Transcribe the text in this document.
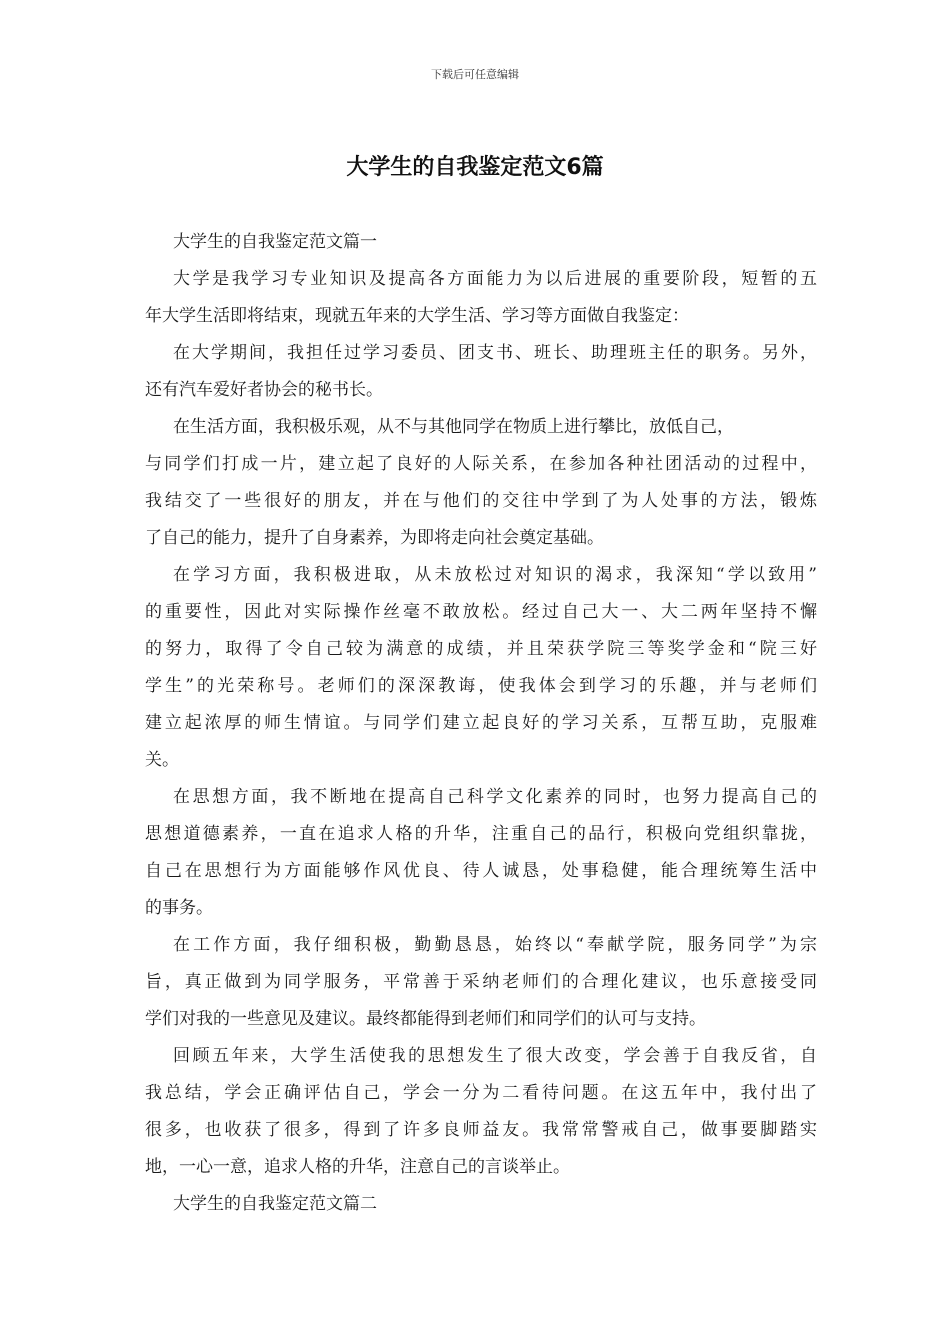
下载后可任意编辑
大学生的自我鉴定范文6篇
大学生的自我鉴定范文篇一
大学是我学习专业知识及提高各方面能力为以后进展的重要阶段，短暂的五
年大学生活即将结束，现就五年来的大学生活、学习等方面做自我鉴定：
在大学期间，我担任过学习委员、团支书、班长、助理班主任的职务。另外，
还有汽车爱好者协会的秘书长。
在生活方面，我积极乐观，从不与其他同学在物质上进行攀比，放低自己，
与同学们打成一片，建立起了良好的人际关系，在参加各种社团活动的过程中，
我结交了一些很好的朋友，并在与他们的交往中学到了为人处事的方法，锻炼
了自己的能力，提升了自身素养，为即将走向社会奠定基础。
在学习方面，我积极进取，从未放松过对知识的渴求，我深知“学以致用”
的重要性，因此对实际操作丝毫不敢放松。经过自己大一、大二两年坚持不懈
的努力，取得了令自己较为满意的成绩，并且荣获学院三等奖学金和“院三好
学生”的光荣称号。老师们的深深教诲，使我体会到学习的乐趣，并与老师们
建立起浓厚的师生情谊。与同学们建立起良好的学习关系，互帮互助，克服难
关。
在思想方面，我不断地在提高自己科学文化素养的同时，也努力提高自己的
思想道德素养，一直在追求人格的升华，注重自己的品行，积极向党组织靠拢，
自己在思想行为方面能够作风优良、待人诚恳，处事稳健，能合理统筹生活中
的事务。
在工作方面，我仔细积极，勤勤恳恳，始终以“奉献学院，服务同学”为宗
旨，真正做到为同学服务，平常善于采纳老师们的合理化建议，也乐意接受同
学们对我的一些意见及建议。最终都能得到老师们和同学们的认可与支持。
回顾五年来，大学生活使我的思想发生了很大改变，学会善于自我反省，自
我总结，学会正确评估自己，学会一分为二看待问题。在这五年中，我付出了
很多，也收获了很多，得到了许多良师益友。我常常警戒自己，做事要脚踏实
地，一心一意，追求人格的升华，注意自己的言谈举止。
大学生的自我鉴定范文篇二
